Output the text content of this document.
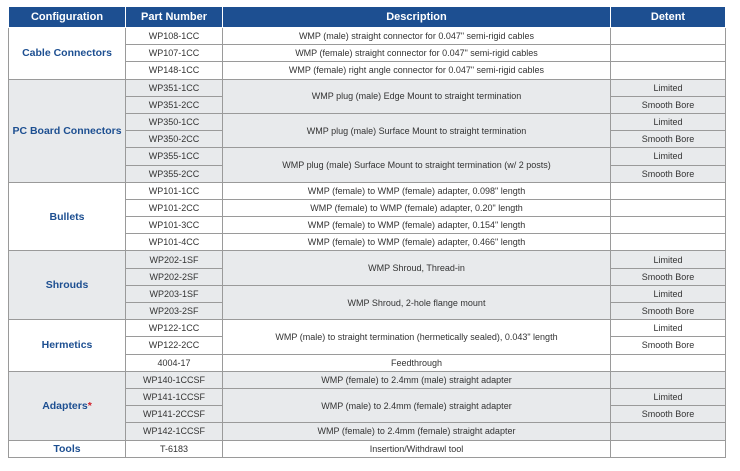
Configuration	Part Number	Description	Detent
Cable Connectors	WP108-1CC	WMP (male) straight connector for 0.047" semi-rigid cables	
	WP107-1CC	WMP (female) straight connector for 0.047" semi-rigid cables	
	WP148-1CC	WMP (female) right angle connector for 0.047" semi-rigid cables	
PC Board Connectors	WP351-1CC	WMP plug (male) Edge Mount to straight termination	Limited
	WP351-2CC		Smooth Bore
	WP350-1CC	WMP plug (male) Surface Mount to straight termination	Limited
	WP350-2CC		Smooth Bore
	WP355-1CC	WMP plug (male) Surface Mount to straight termination (w/ 2 posts)	Limited
	WP355-2CC		Smooth Bore
Bullets	WP101-1CC	WMP (female) to WMP (female) adapter, 0.098" length	
	WP101-2CC	WMP (female) to WMP (female) adapter, 0.20" length	
	WP101-3CC	WMP (female) to WMP (female) adapter, 0.154" length	
	WP101-4CC	WMP (female) to WMP (female) adapter, 0.466" length	
Shrouds	WP202-1SF	WMP Shroud, Thread-in	Limited
	WP202-2SF		Smooth Bore
	WP203-1SF	WMP Shroud, 2-hole flange mount	Limited
	WP203-2SF		Smooth Bore
Hermetics	WP122-1CC	WMP (male) to straight termination (hermetically sealed), 0.043" length	Limited
	WP122-2CC		Smooth Bore
	4004-17	Feedthrough	
Adapters*	WP140-1CCSF	WMP (female) to 2.4mm (male) straight adapter	
	WP141-1CCSF	WMP (male) to 2.4mm (female) straight adapter	Limited
	WP141-2CCSF		Smooth Bore
	WP142-1CCSF	WMP (female) to 2.4mm (female) straight adapter	
Tools	T-6183	Insertion/Withdrawl tool	
